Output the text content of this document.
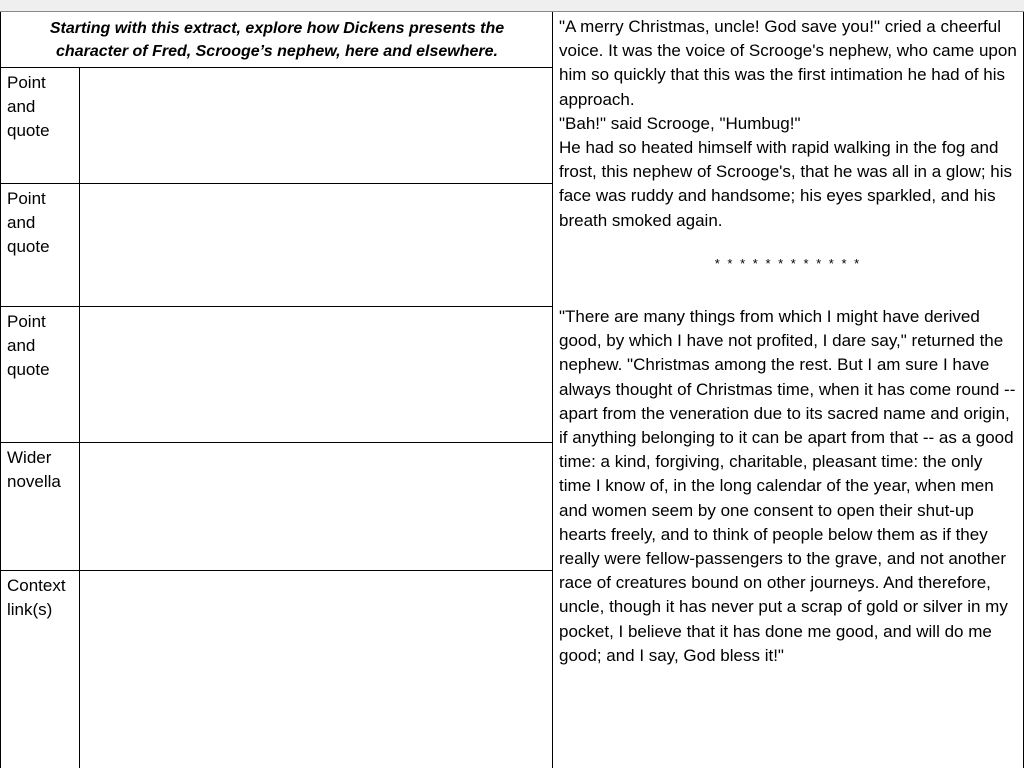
Starting with this extract, explore how Dickens presents the character of Fred, Scrooge’s nephew, here and elsewhere.
Point and quote
Point and quote
Point and quote
Wider novella
Context link(s)

"A merry Christmas, uncle! God save you!" cried a cheerful voice. It was the voice of Scrooge's nephew, who came upon him so quickly that this was the first intimation he had of his approach.

"Bah!" said Scrooge, "Humbug!"

He had so heated himself with rapid walking in the fog and frost, this nephew of Scrooge's, that he was all in a glow; his face was ruddy and handsome; his eyes sparkled, and his breath smoked again.

* * * * * * * * * * * *

"There are many things from which I might have derived good, by which I have not profited, I dare say," returned the nephew. "Christmas among the rest. But I am sure I have always thought of Christmas time, when it has come round -- apart from the veneration due to its sacred name and origin, if anything belonging to it can be apart from that -- as a good time: a kind, forgiving, charitable, pleasant time: the only time I know of, in the long calendar of the year, when men and women seem by one consent to open their shut-up hearts freely, and to think of people below them as if they really were fellow-passengers to the grave, and not another race of creatures bound on other journeys. And therefore, uncle, though it has never put a scrap of gold or silver in my pocket, I believe that it has done me good, and will do me good; and I say, God bless it!"
